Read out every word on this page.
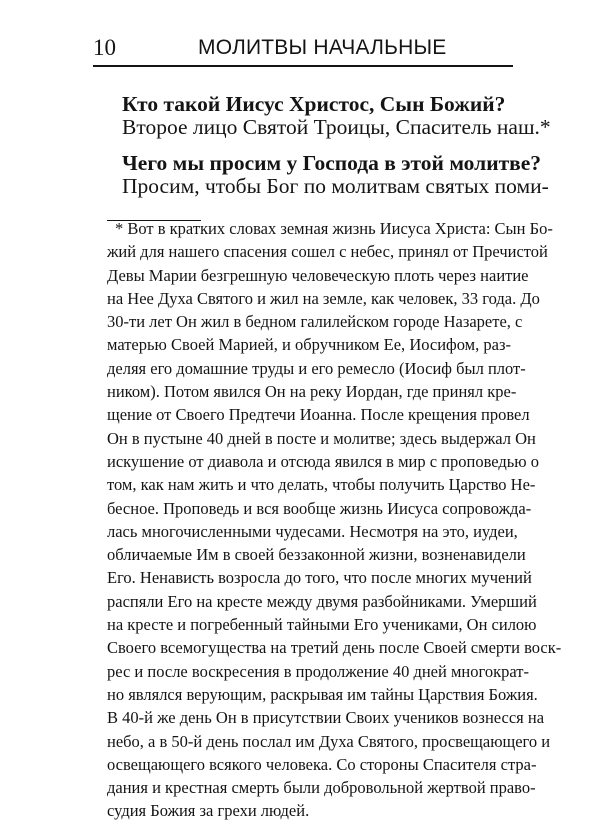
10	МОЛИТВЫ НАЧАЛЬНЫЕ
Кто такой Иисус Христос, Сын Божий?
Второе лицо Святой Троицы, Спаситель наш.*
Чего мы просим у Господа в этой молитве?
Просим, чтобы Бог по молитвам святых поми-
* Вот в кратких словах земная жизнь Иисуса Христа: Сын Бо-
жий для нашего спасения сошел с небес, принял от Пречистой
Девы Марии безгрешную человеческую плоть через наитие
на Нее Духа Святого и жил на земле, как человек, 33 года. До
30-ти лет Он жил в бедном галилейском городе Назарете, с
матерью Своей Марией, и обручником Ее, Иосифом, раз-
деляя его домашние труды и его ремесло (Иосиф был плот-
ником). Потом явился Он на реку Иордан, где принял кре-
щение от Своего Предтечи Иоанна. После крещения провел
Он в пустыне 40 дней в посте и молитве; здесь выдержал Он
искушение от диавола и отсюда явился в мир с проповедью о
том, как нам жить и что делать, чтобы получить Царство Не-
бесное. Проповедь и вся вообще жизнь Иисуса сопровожда-
лась многочисленными чудесами. Несмотря на это, иудеи,
обличаемые Им в своей беззаконной жизни, возненавидели
Его. Ненависть возросла до того, что после многих мучений
распяли Его на кресте между двумя разбойниками. Умерший
на кресте и погребенный тайными Его учениками, Он силою
Своего всемогущества на третий день после Своей смерти воск-
рес и после воскресения в продолжение 40 дней многократ-
но являлся верующим, раскрывая им тайны Царствия Божия.
В 40-й же день Он в присутствии Своих учеников вознесся на
небо, а в 50-й день послал им Духа Святого, просвещающего и
освещающего всякого человека. Со стороны Спасителя стра-
дания и крестная смерть были добровольной жертвой право-
судия Божия за грехи людей.
